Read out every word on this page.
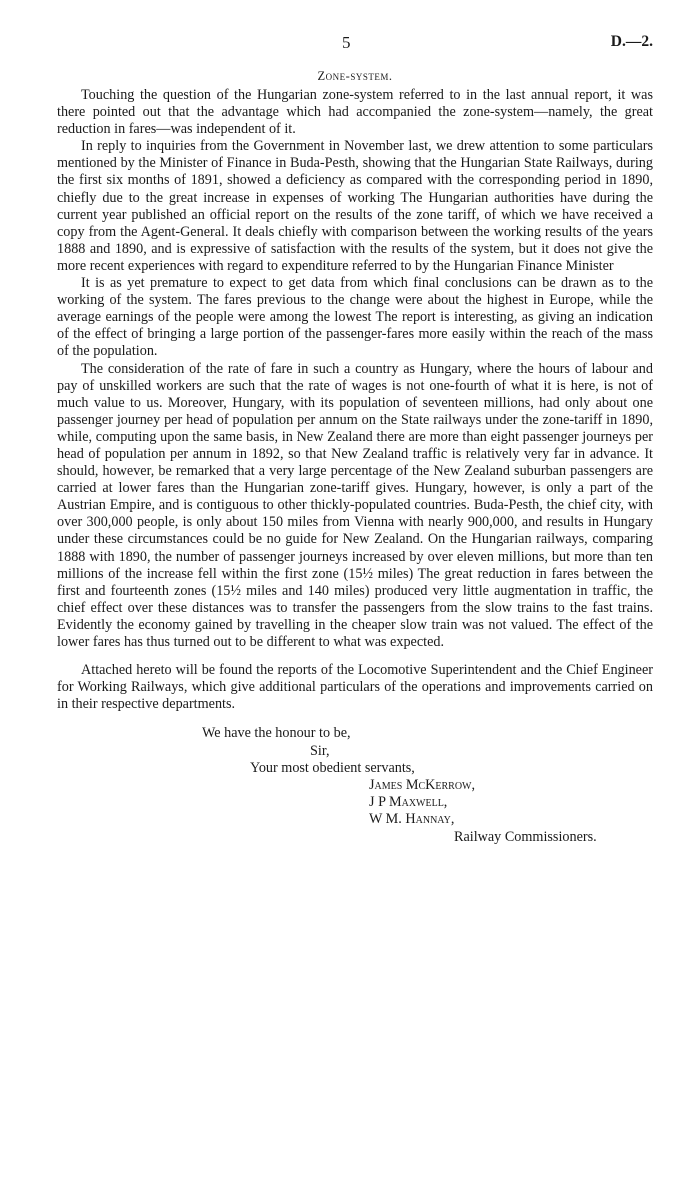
5	D.—2.
Zone-system.

Touching the question of the Hungarian zone-system referred to in the last annual report, it was there pointed out that the advantage which had accompanied the zone-system—namely, the great reduction in fares—was independent of it.

In reply to inquiries from the Government in November last, we drew attention to some particulars mentioned by the Minister of Finance in Buda-Pesth, showing that the Hungarian State Railways, during the first six months of 1891, showed a deficiency as compared with the corresponding period in 1890, chiefly due to the great increase in expenses of working The Hungarian authorities have during the current year published an official report on the results of the zone tariff, of which we have received a copy from the Agent-General. It deals chiefly with comparison between the working results of the years 1888 and 1890, and is expressive of satisfaction with the results of the system, but it does not give the more recent experiences with regard to expenditure referred to by the Hungarian Finance Minister

It is as yet premature to expect to get data from which final conclusions can be drawn as to the working of the system. The fares previous to the change were about the highest in Europe, while the average earnings of the people were among the lowest The report is interesting, as giving an indication of the effect of bringing a large portion of the passenger-fares more easily within the reach of the mass of the population.

The consideration of the rate of fare in such a country as Hungary, where the hours of labour and pay of unskilled workers are such that the rate of wages is not one-fourth of what it is here, is not of much value to us. Moreover, Hungary, with its population of seventeen millions, had only about one passenger journey per head of population per annum on the State railways under the zone-tariff in 1890, while, computing upon the same basis, in New Zealand there are more than eight passenger journeys per head of population per annum in 1892, so that New Zealand traffic is relatively very far in advance. It should, however, be remarked that a very large percentage of the New Zealand suburban passengers are carried at lower fares than the Hungarian zone-tariff gives. Hungary, however, is only a part of the Austrian Empire, and is contiguous to other thickly-populated countries. Buda-Pesth, the chief city, with over 300,000 people, is only about 150 miles from Vienna with nearly 900,000, and results in Hungary under these circumstances could be no guide for New Zealand. On the Hungarian railways, comparing 1888 with 1890, the number of passenger journeys increased by over eleven millions, but more than ten millions of the increase fell within the first zone (15½ miles) The great reduction in fares between the first and fourteenth zones (15½ miles and 140 miles) produced very little augmentation in traffic, the chief effect over these distances was to transfer the passengers from the slow trains to the fast trains. Evidently the economy gained by travelling in the cheaper slow train was not valued. The effect of the lower fares has thus turned out to be different to what was expected.

Attached hereto will be found the reports of the Locomotive Superintendent and the Chief Engineer for Working Railways, which give additional particulars of the operations and improvements carried on in their respective departments.

We have the honour to be,
Sir,
Your most obedient servants,
James McKerrow,
J P Maxwell,
W M. Hannay,
Railway Commissioners.
